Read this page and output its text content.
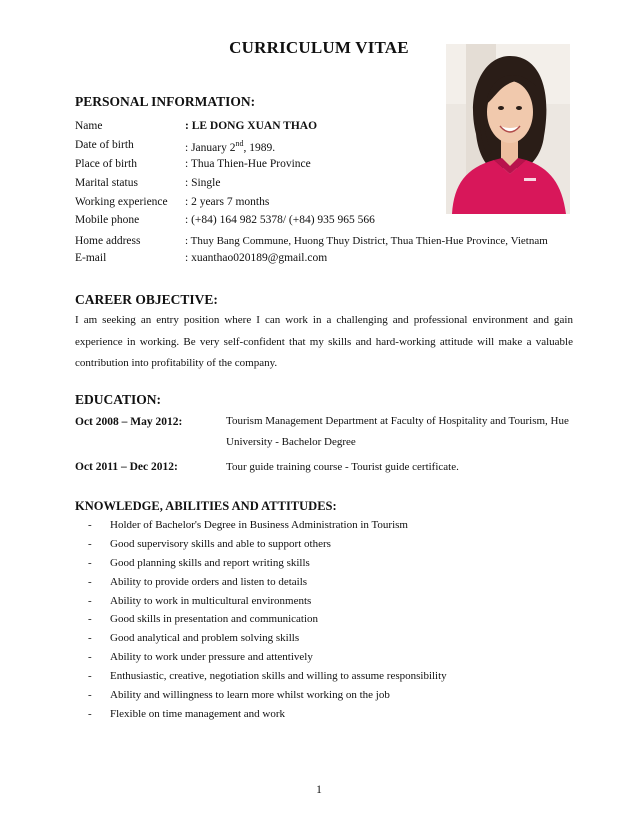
CURRICULUM VITAE
PERSONAL INFORMATION:
Name	: LE DONG XUAN THAO
Date of birth	: January 2nd, 1989.
Place of birth	: Thua Thien-Hue Province
Marital status	: Single
Working experience : 2 years 7 months
Mobile phone	: (+84) 164 982 5378/ (+84) 935 965 566
Home address	: Thuy Bang Commune, Huong Thuy District, Thua Thien-Hue Province, Vietnam
E-mail	: xuanthao020189@gmail.com
CAREER OBJECTIVE:
I am seeking an entry position where I can work in a challenging and professional environment and gain experience in working. Be very self-confident that my skills and hard-working attitude will make a valuable contribution into profitability of the company.
EDUCATION:
Oct 2008 – May 2012:	Tourism Management Department at Faculty of Hospitality and Tourism, Hue University - Bachelor Degree
Oct 2011 – Dec 2012:	Tour guide training course - Tourist guide certificate.
KNOWLEDGE, ABILITIES AND ATTITUDES:
- Holder of Bachelor's Degree in Business Administration in Tourism
- Good supervisory skills and able to support others
- Good planning skills and report writing skills
- Ability to provide orders and listen to details
- Ability to work in multicultural environments
- Good skills in presentation and communication
- Good analytical and problem solving skills
- Ability to work under pressure and attentively
- Enthusiastic, creative, negotiation skills and willing to assume responsibility
- Ability and willingness to learn more whilst working on the job
- Flexible on time management and work
1
